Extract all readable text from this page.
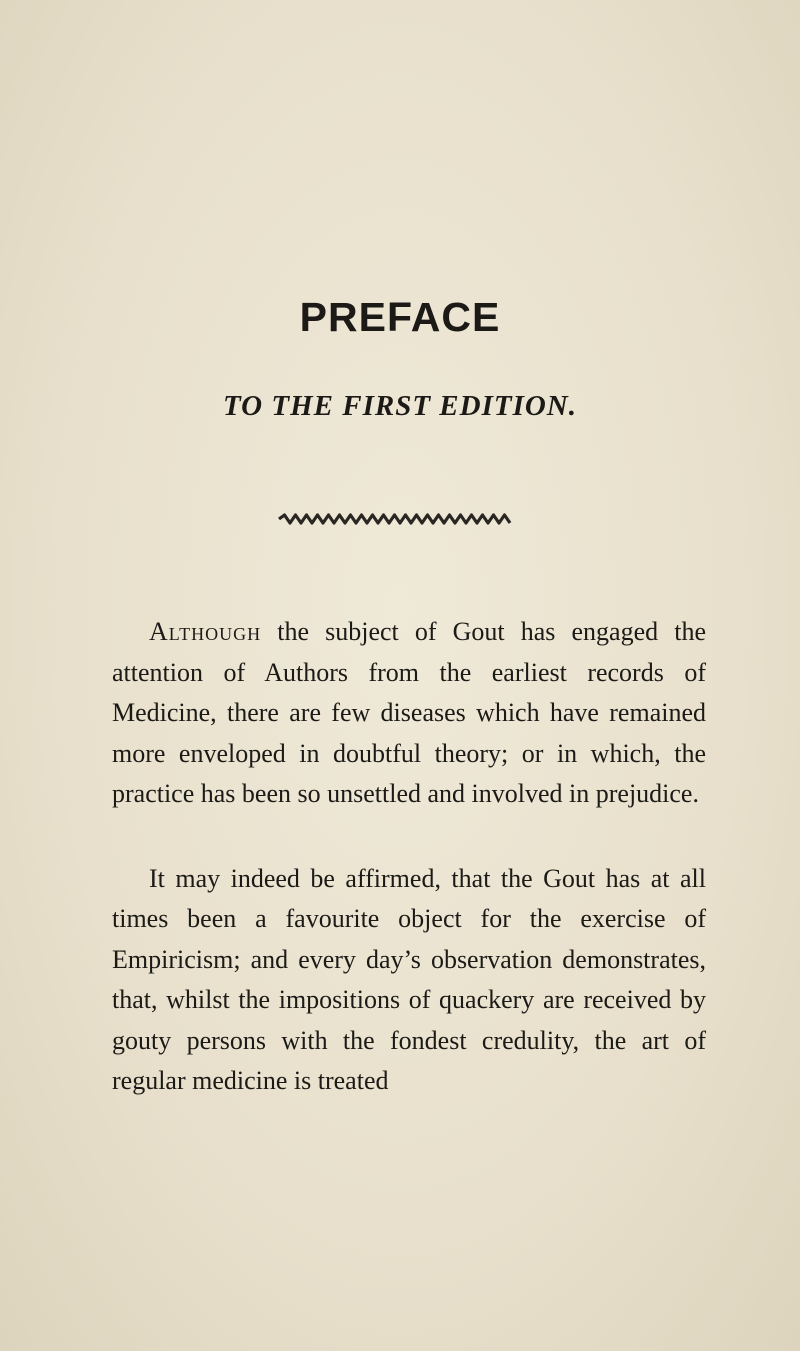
PREFACE
TO THE FIRST EDITION.

Although the subject of Gout has engaged the attention of Authors from the earliest records of Medicine, there are few diseases which have remained more enveloped in doubtful theory; or in which, the practice has been so unsettled and involved in prejudice.

It may indeed be affirmed, that the Gout has at all times been a favourite object for the exercise of Empiricism; and every day’s observation demonstrates, that, whilst the impositions of quackery are received by gouty persons with the fondest credulity, the art of regular medicine is treated
